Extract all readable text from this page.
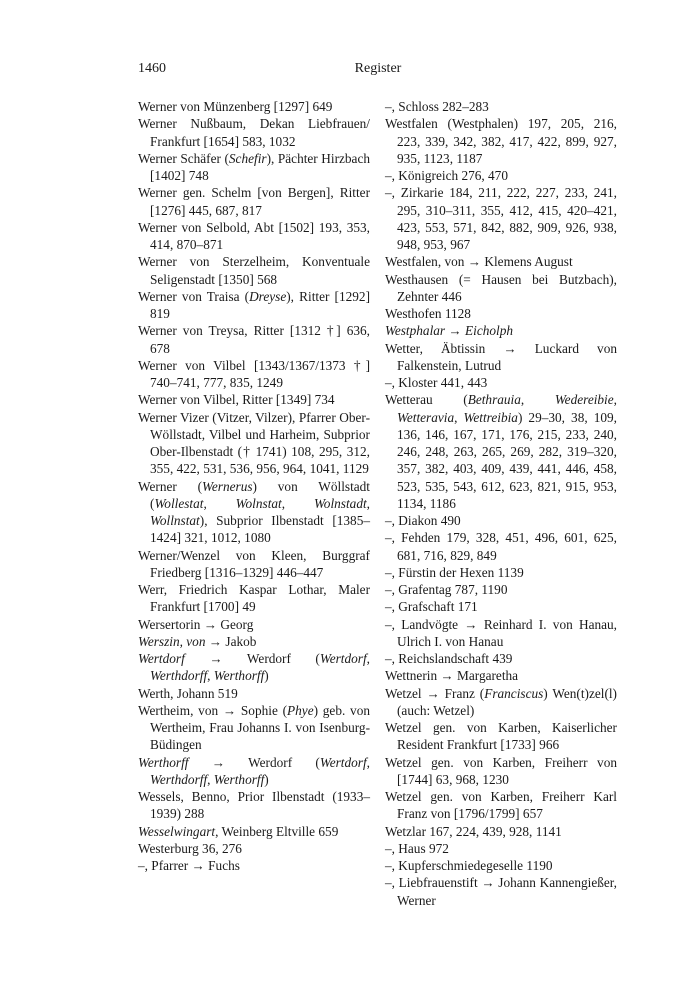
1460	Register

Werner von Münzenberg [1297] 649

Werner Nußbaum, Dekan Liebfrauen/ Frankfurt [1654] 583, 1032

Werner Schäfer (Schefir), Pächter Hirzbach [1402] 748

Werner gen. Schelm [von Bergen], Ritter [1276] 445, 687, 817

Werner von Selbold, Abt [1502] 193, 353, 414, 870–871

Werner von Sterzelheim, Konventuale Seligenstadt [1350] 568

Werner von Traisa (Dreyse), Ritter [1292] 819

Werner von Treysa, Ritter [1312 †] 636, 678

Werner von Vilbel [1343/1367/1373 †] 740–741, 777, 835, 1249

Werner von Vilbel, Ritter [1349] 734

Werner Vizer (Vitzer, Vilzer), Pfarrer Ober-Wöllstadt, Vilbel und Harheim, Subprior Ober-Ilbenstadt († 1741) 108, 295, 312, 355, 422, 531, 536, 956, 964, 1041, 1129

Werner (Wernerus) von Wöllstadt (Wollestat, Wolnstat, Wolnstadt, Wollnstat), Subprior Ilbenstadt [1385–1424] 321, 1012, 1080

Werner/Wenzel von Kleen, Burggraf Friedberg [1316–1329] 446–447

Werr, Friedrich Kaspar Lothar, Maler Frankfurt [1700] 49

Wersertorin → Georg

Werszin, von → Jakob

Wertdorf → Werdorf (Wertdorf, Werthdorff, Werthorff)

Werth, Johann 519

Wertheim, von → Sophie (Phye) geb. von Wertheim, Frau Johanns I. von Isenburg-Büdingen

Werthorff → Werdorf (Wertdorf, Werthdorff, Werthorff)

Wessels, Benno, Prior Ilbenstadt (1933–1939) 288

Wesselwingart, Weinberg Eltville 659

Westerburg 36, 276

–, Pfarrer → Fuchs

–, Schloss 282–283

Westfalen (Westphalen) 197, 205, 216, 223, 339, 342, 382, 417, 422, 899, 927, 935, 1123, 1187

–, Königreich 276, 470

–, Zirkarie 184, 211, 222, 227, 233, 241, 295, 310–311, 355, 412, 415, 420–421, 423, 553, 571, 842, 882, 909, 926, 938, 948, 953, 967

Westfalen, von → Klemens August

Westhausen (= Hausen bei Butzbach), Zehnter 446

Westhofen 1128

Westphalar → Eicholph

Wetter, Äbtissin → Luckard von Falkenstein, Lutrud

–, Kloster 441, 443

Wetterau (Bethrauia, Wedereibie, Wetteravia, Wettreibia) 29–30, 38, 109, 136, 146, 167, 171, 176, 215, 233, 240, 246, 248, 263, 265, 269, 282, 319–320, 357, 382, 403, 409, 439, 441, 446, 458, 523, 535, 543, 612, 623, 821, 915, 953, 1134, 1186

–, Diakon 490

–, Fehden 179, 328, 451, 496, 601, 625, 681, 716, 829, 849

–, Fürstin der Hexen 1139

–, Grafentag 787, 1190

–, Grafschaft 171

–, Landvögte → Reinhard I. von Hanau, Ulrich I. von Hanau

–, Reichslandschaft 439

Wettnerin → Margaretha

Wetzel → Franz (Franciscus) Wen(t)zel(l) (auch: Wetzel)

Wetzel gen. von Karben, Kaiserlicher Resident Frankfurt [1733] 966

Wetzel gen. von Karben, Freiherr von [1744] 63, 968, 1230

Wetzel gen. von Karben, Freiherr Karl Franz von [1796/1799] 657

Wetzlar 167, 224, 439, 928, 1141

–, Haus 972

–, Kupferschmiedegeselle 1190

–, Liebfrauenstift → Johann Kannengießer, Werner
